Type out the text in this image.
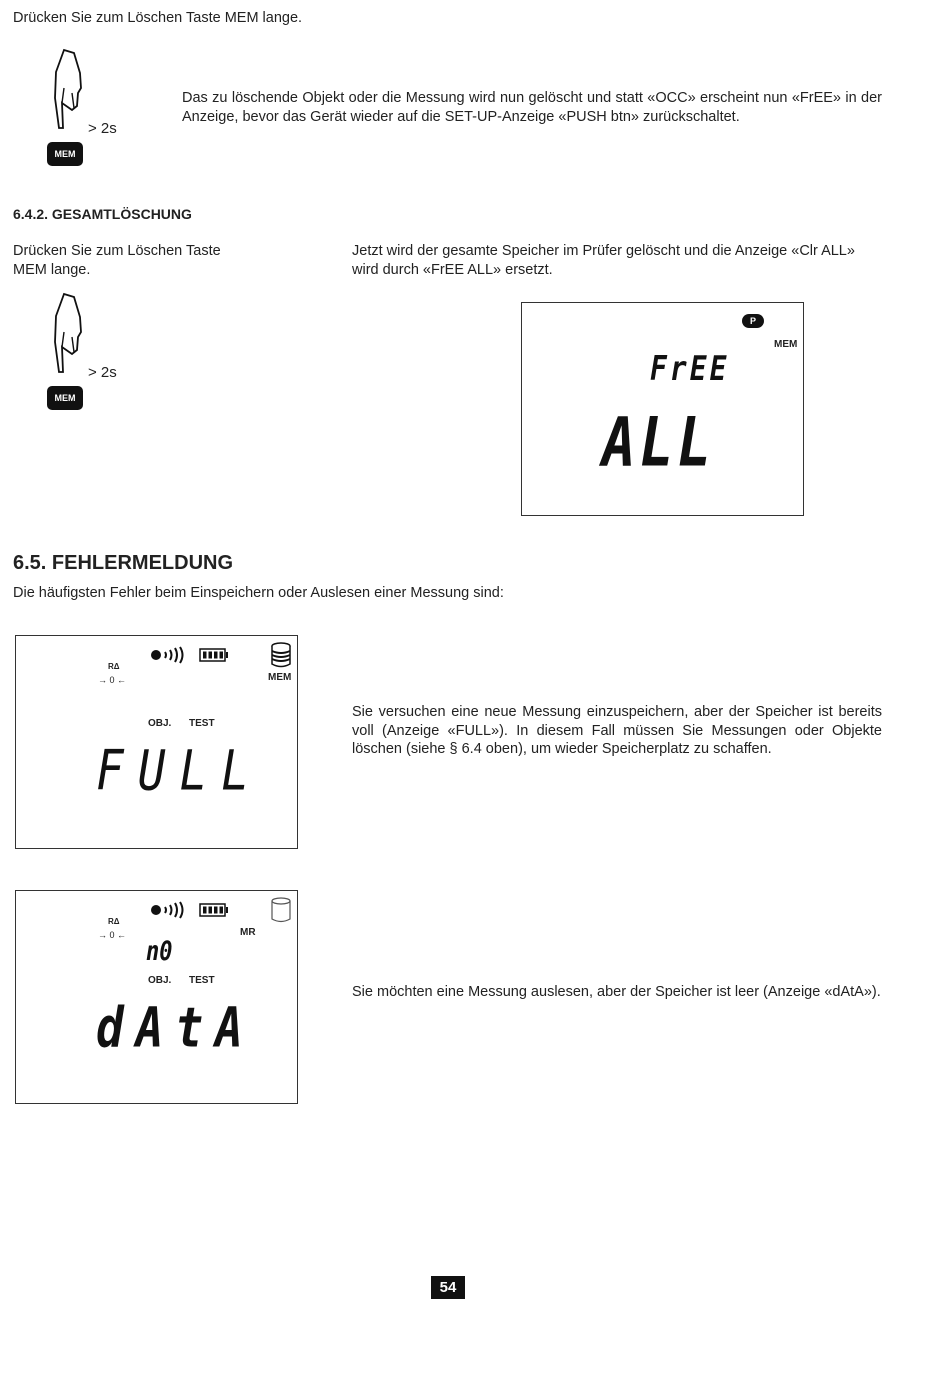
Drücken Sie zum Löschen Taste MEM lange.
MEM
> 2s
Das zu löschende Objekt oder die Messung wird nun gelöscht und statt «OCC» erscheint nun «FrEE» in der Anzeige, bevor das Gerät wieder auf die SET-UP-Anzeige «PUSH btn» zurückschaltet.
6.4.2. GESAMTLÖSCHUNG
Drücken Sie zum Löschen Taste MEM lange.
Jetzt wird der gesamte Speicher im Prüfer gelöscht und die Anzeige «Clr ALL» wird durch «FrEE ALL» ersetzt.
MEM
> 2s
P
MEM
FrEE
ALL
6.5. FEHLERMELDUNG
Die häufigsten Fehler beim Einspeichern oder Auslesen einer Messung sind:
RΔ
→ 0 ←	MEM
OBJ. TEST
FULL
Sie versuchen eine neue Messung einzuspeichern, aber der Speicher ist bereits voll (Anzeige «FULL»). In diesem Fall müssen Sie Messungen oder Objekte löschen (siehe § 6.4 oben), um wieder Speicherplatz zu schaffen.
RΔ
→ 0 ←	MR
n0
OBJ. TEST
dAtA
Sie möchten eine Messung auslesen, aber der Speicher ist leer (Anzeige «dAtA»).
54
